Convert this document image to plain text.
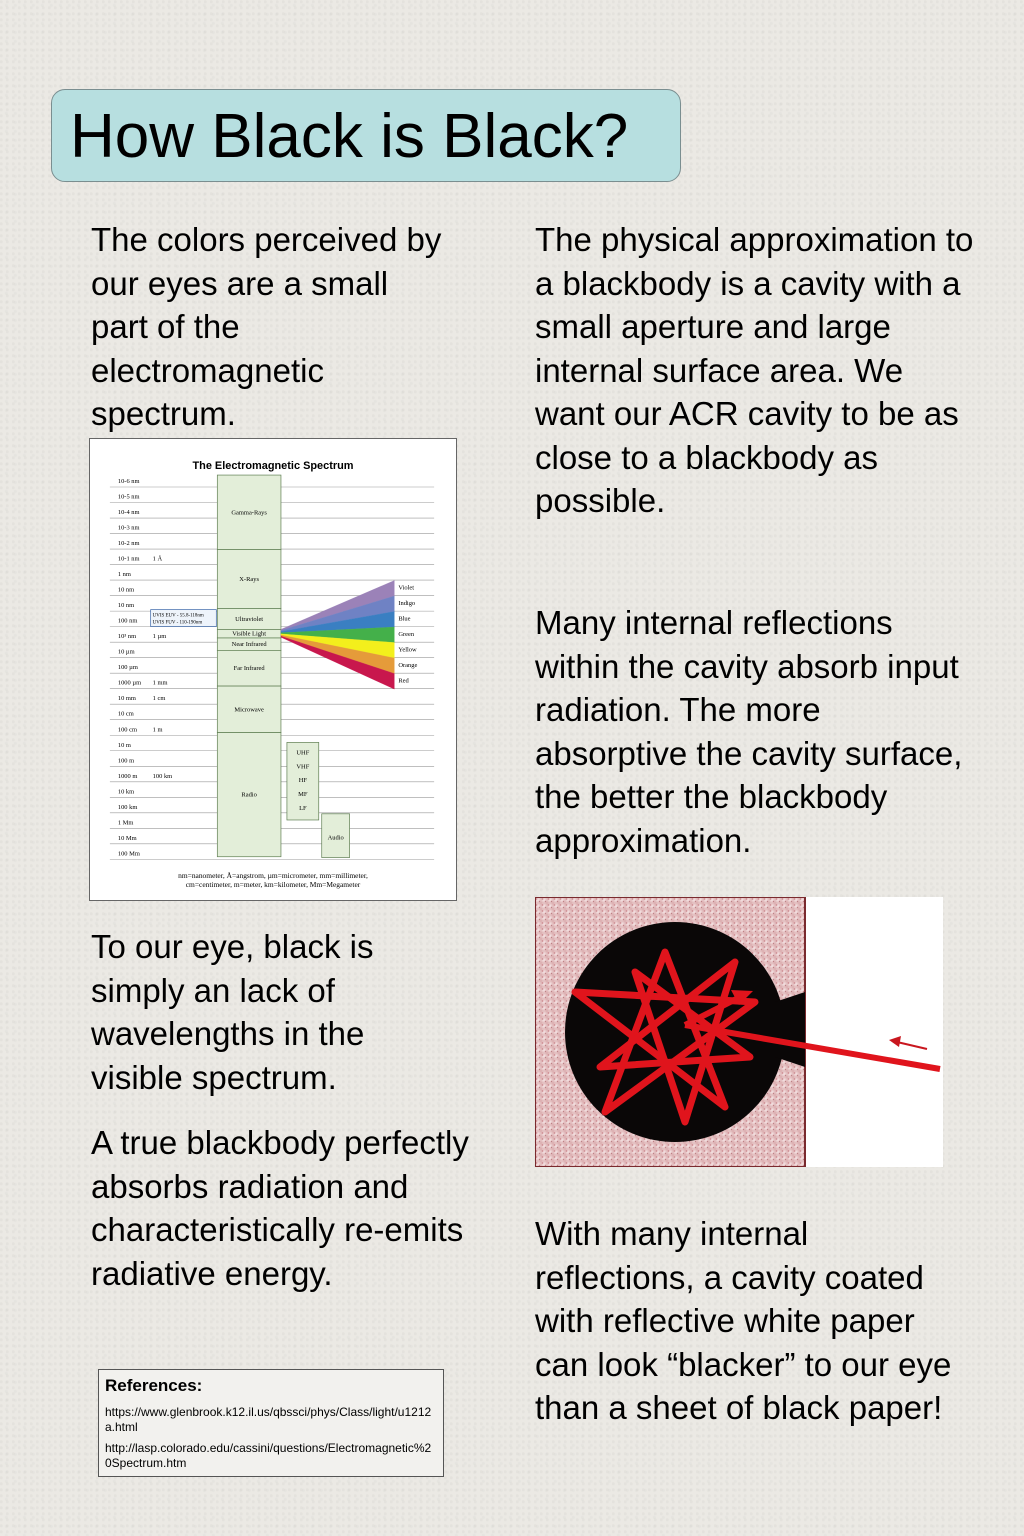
How Black is Black?

The colors perceived by our eyes are a small part of the electromagnetic spectrum.

The physical approximation to a blackbody is a cavity with a small aperture and large internal surface area. We want our ACR cavity to be as close to a blackbody as possible.

Many internal reflections within the cavity absorb input radiation. The more absorptive the cavity surface, the better the blackbody approximation.

To our eye, black is simply an lack of wavelengths in the visible spectrum.

A true blackbody perfectly absorbs radiation and characteristically re-emits radiative energy.

With many internal reflections, a cavity coated with reflective white paper can look “blacker” to our eye than a sheet of black paper!

The Electromagnetic Spectrum
10-6 nm
10-5 nm
10-4 nm
10-3 nm
10-2 nm
10-1 nm
1 nm
10 nm
10 nm
100 nm
10³ nm
10 µm
100 µm
1000 µm
10 mm
10 cm
100 cm
10 m
100 m
1000 m
10 km
100 km
1 Mm
10 Mm
100 Mm
1 Å
1 µm
1 mm
1 cm
1 m
100 km
UVIS EUV - 55.8-118nm
UVIS FUV - 110-190nm
Gamma-Rays
X-Rays
Ultraviolet
Visible Light
Near Infrared
Far Infrared
Microwave
Radio
Violet
Indigo
Blue
Green
Yellow
Orange
Red
UHF
VHF
HF
MF
LF
Audio
nm=nanometer, Å=angstrom, µm=micrometer, mm=millimeter,
cm=centimeter, m=meter, km=kilometer, Mm=Megameter
References:

https://www.glenbrook.k12.il.us/qbssci/phys/Class/light/u1212a.html

http://lasp.colorado.edu/cassini/questions/Electromagnetic%20Spectrum.htm
